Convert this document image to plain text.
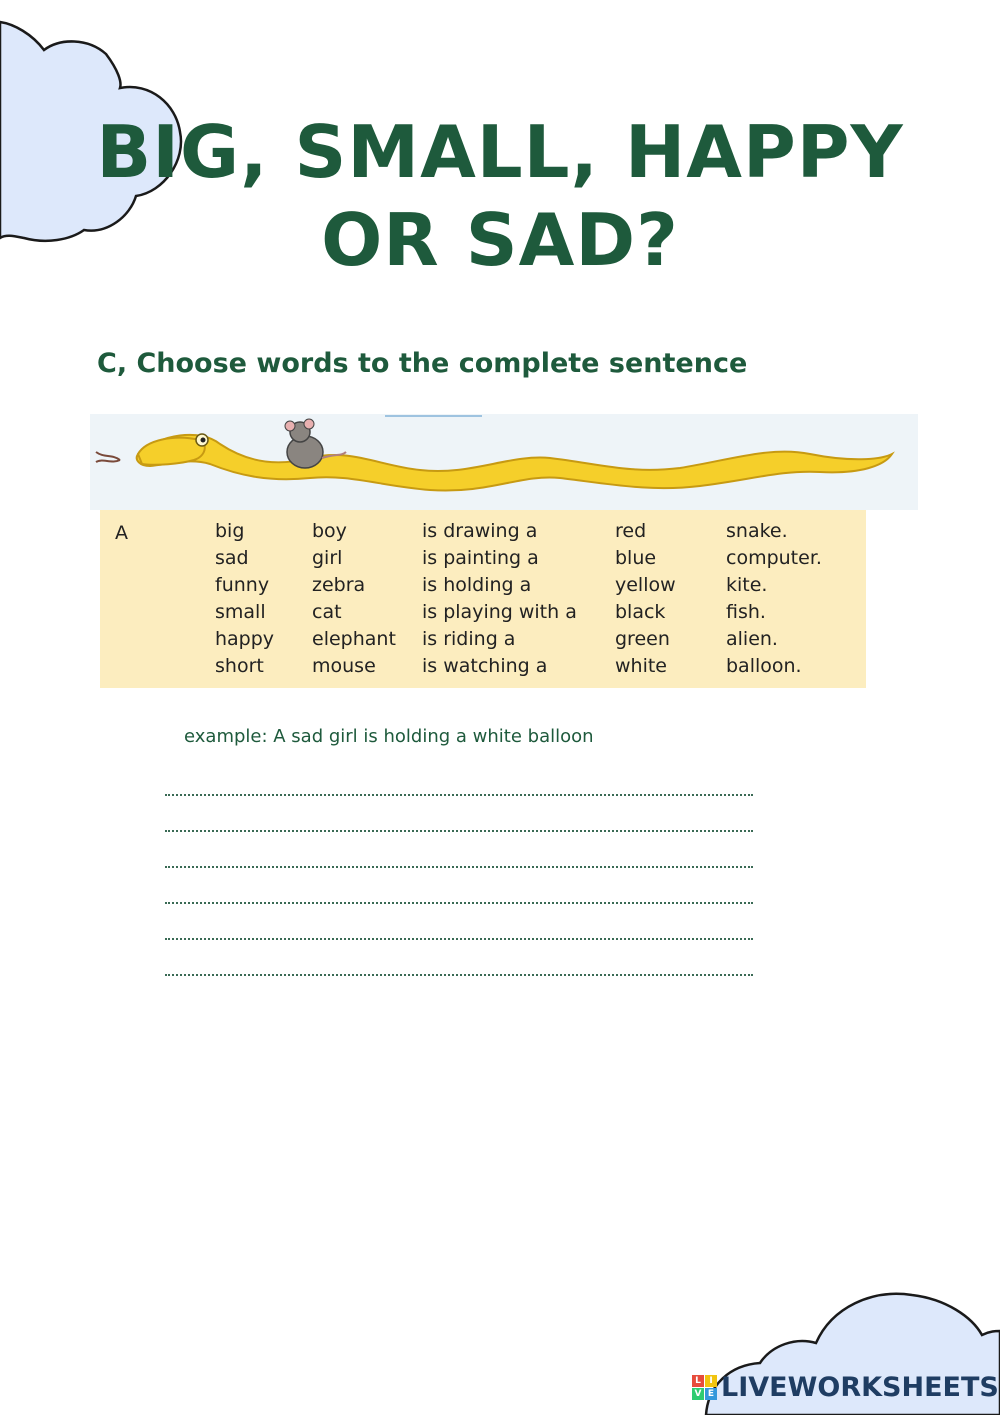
BIG, SMALL, HAPPY
OR SAD?
C, Choose words to the complete sentence
A	big
sad
funny
small
happy
short
boy
girl
zebra
cat
elephant
mouse
is drawing a
is painting a
is holding a
is playing with a
is riding a
is watching a
red
blue
yellow
black
green
white
snake.
computer.
kite.
fish.
alien.
balloon.
example: A sad girl is holding a white balloon
L I
V E LIVEWORKSHEETS
